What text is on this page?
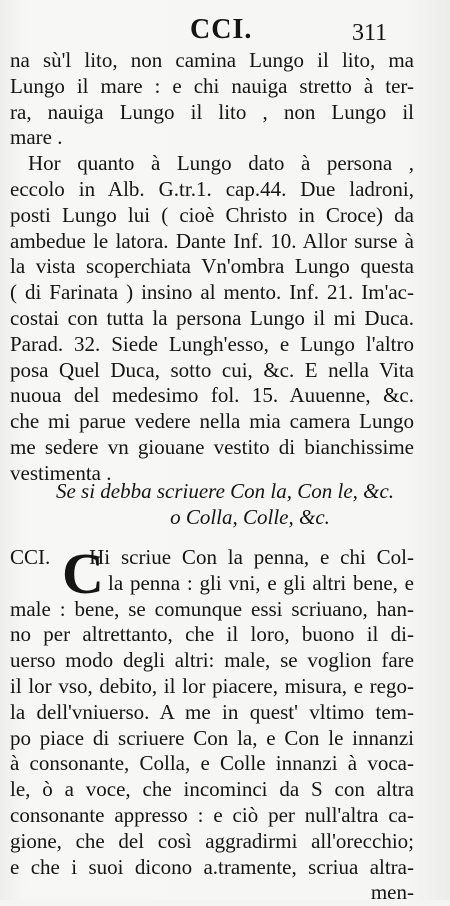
CCI.	311
na sù'l lito, non camina Lungo il lito, ma
Lungo il mare : e chi nauiga stretto à ter-
ra, nauiga Lungo il lito , non Lungo il
mare .
Hor quanto à Lungo dato à persona ,
eccolo in Alb. G.tr.1. cap.44. Due ladroni,
posti Lungo lui ( cioè Christo in Croce) da
ambedue le latora. Dante Inf. 10. Allor surse à
la vista scoperchiata Vn'ombra Lungo questa
( di Farinata ) insino al mento. Inf. 21. Im'ac-
costai con tutta la persona Lungo il mi Duca.
Parad. 32. Siede Lungh'esso, e Lungo l'altro
posa Quel Duca, sotto cui, &c. E nella Vita
nuoua del medesimo fol. 15. Auuenne, &c.
che mi parue vedere nella mia camera Lungo
me sedere vn giouane vestito di bianchissime
vestimenta .
Se si debba scriuere Con la, Con le, &c.
o Colla, Colle, &c.
CCI. C
Hi scriue Con la penna, e chi Col-
la penna : gli vni, e gli altri bene, e
male : bene, se comunque essi scriuano, han-
no per altrettanto, che il loro, buono il di-
uerso modo degli altri: male, se voglion fare
il lor vso, debito, il lor piacere, misura, e rego-
la dell'vniuerso. A me in quest' vltimo tem-
po piace di scriuere Con la, e Con le innanzi
à consonante, Colla, e Colle innanzi à voca-
le, ò a voce, che incominci da S con altra
consonante appresso : e ciò per null'altra ca-
gione, che del così aggradirmi all'orecchio;
e che i suoi dicono a.tramente, scriua altra-
men-
